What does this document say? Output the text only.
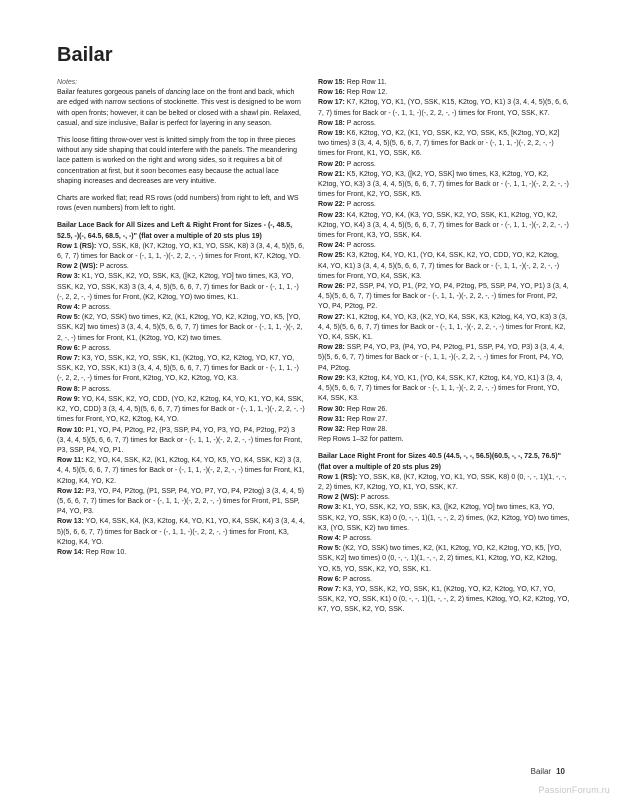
Bailar

Notes:

Bailar features gorgeous panels of dancing lace on the front and back, which are edged with narrow sections of stockinette. This vest is designed to be worn with open fronts; however, it can be belted or closed with a shawl pin. Relaxed, casual, and size inclusive, Bailar is perfect for layering in any season.

This loose fitting throw-over vest is knitted simply from the top in three pieces without any side shaping that could interfere with the panels. The meandering lace pattern is worked on the right and wrong sides, so it requires a bit of concentration at first, but it soon becomes easy because the actual lace shaping increases and decreases are very intuitive.

Charts are worked flat; read RS rows (odd numbers) from right to left, and WS rows (even numbers) from left to right.

Bailar Lace Back for All Sizes and Left & Right Front for Sizes - (-, 48.5, 52.5, -)(-, 64.5, 68.5, -, -)" (flat over a multiple of 20 sts plus 19)

Row 1 (RS): YO, SSK, K8, (K7, K2tog, YO, K1, YO, SSK, K8) 3 (3, 4, 4, 5)(5, 6, 6, 7, 7) times for Back or - (-, 1, 1, -)(-, 2, 2, -, -) times for Front, K7, K2tog, YO.

Row 2 (WS): P across.

Row 3: K1, YO, SSK, K2, YO, SSK, K3, ([K2, K2tog, YO] two times, K3, YO, SSK, K2, YO, SSK, K3) 3 (3, 4, 4, 5)(5, 6, 6, 7, 7) times for Back or - (-, 1, 1, -)(-, 2, 2, -, -) times for Front, (K2, K2tog, YO) two times, K1.

Row 4: P across.

Row 5: (K2, YO, SSK) two times, K2, (K1, K2tog, YO, K2, K2tog, YO, K5, [YO, SSK, K2] two times) 3 (3, 4, 4, 5)(5, 6, 6, 7, 7) times for Back or - (-, 1, 1, -)(-, 2, 2, -, -) times for Front, K1, (K2tog, YO, K2) two times.

Row 6: P across.

Row 7: K3, YO, SSK, K2, YO, SSK, K1, (K2tog, YO, K2, K2tog, YO, K7, YO, SSK, K2, YO, SSK, K1) 3 (3, 4, 4, 5)(5, 6, 6, 7, 7) times for Back or - (-, 1, 1, -)(-, 2, 2, -, -) times for Front, K2tog, YO, K2, K2tog, YO, K3.

Row 8: P across.

Row 9: YO, K4, SSK, K2, YO, CDD, (YO, K2, K2tog, K4, YO, K1, YO, K4, SSK, K2, YO, CDD) 3 (3, 4, 4, 5)(5, 6, 6, 7, 7) times for Back or - (-, 1, 1, -)(-, 2, 2, -, -) times for Front, YO, K2, K2tog, K4, YO.

Row 10: P1, YO, P4, P2tog, P2, (P3, SSP, P4, YO, P3, YO, P4, P2tog, P2) 3 (3, 4, 4, 5)(5, 6, 6, 7, 7) times for Back or - (-, 1, 1, -)(-, 2, 2, -, -) times for Front, P3, SSP, P4, YO, P1.

Row 11: K2, YO, K4, SSK, K2, (K1, K2tog, K4, YO, K5, YO, K4, SSK, K2) 3 (3, 4, 4, 5)(5, 6, 6, 7, 7) times for Back or - (-, 1, 1, -)(-, 2, 2, -, -) times for Front, K1, K2tog, K4, YO, K2.

Row 12: P3, YO, P4, P2tog, (P1, SSP, P4, YO, P7, YO, P4, P2tog) 3 (3, 4, 4, 5)(5, 6, 6, 7, 7) times for Back or - (-, 1, 1, -)(-, 2, 2, -, -) times for Front, P1, SSP, P4, YO, P3.

Row 13: YO, K4, SSK, K4, (K3, K2tog, K4, YO, K1, YO, K4, SSK, K4) 3 (3, 4, 4, 5)(5, 6, 6, 7, 7) times for Back or - (-, 1, 1, -)(-, 2, 2, -, -) times for Front, K3, K2tog, K4, YO.

Row 14: Rep Row 10.

Row 15: Rep Row 11.

Row 16: Rep Row 12.

Row 17: K7, K2tog, YO, K1, (YO, SSK, K15, K2tog, YO, K1) 3 (3, 4, 4, 5)(5, 6, 6, 7, 7) times for Back or - (-, 1, 1, -)(-, 2, 2, -, -) times for Front, YO, SSK, K7.

Row 18: P across.

Row 19: K6, K2tog, YO, K2, (K1, YO, SSK, K2, YO, SSK, K5, [K2tog, YO, K2] two times) 3 (3, 4, 4, 5)(5, 6, 6, 7, 7) times for Back or - (-, 1, 1, -)(-, 2, 2, -, -) times for Front, K1, YO, SSK, K6.

Row 20: P across.

Row 21: K5, K2tog, YO, K3, ([K2, YO, SSK] two times, K3, K2tog, YO, K2, K2tog, YO, K3) 3 (3, 4, 4, 5)(5, 6, 6, 7, 7) times for Back or - (-, 1, 1, -)(-, 2, 2, -, -) times for Front, K2, YO, SSK, K5.

Row 22: P across.

Row 23: K4, K2tog, YO, K4, (K3, YO, SSK, K2, YO, SSK, K1, K2tog, YO, K2, K2tog, YO, K4) 3 (3, 4, 4, 5)(5, 6, 6, 7, 7) times for Back or - (-, 1, 1, -)(-, 2, 2, -, -) times for Front, K3, YO, SSK, K4.

Row 24: P across.

Row 25: K3, K2tog, K4, YO, K1, (YO, K4, SSK, K2, YO, CDD, YO, K2, K2tog, K4, YO, K1) 3 (3, 4, 4, 5)(5, 6, 6, 7, 7) times for Back or - (-, 1, 1, -)(-, 2, 2, -, -) times for Front, YO, K4, SSK, K3.

Row 26: P2, SSP, P4, YO, P1, (P2, YO, P4, P2tog, P5, SSP, P4, YO, P1) 3 (3, 4, 4, 5)(5, 6, 6, 7, 7) times for Back or - (-, 1, 1, -)(-, 2, 2, -, -) times for Front, P2, YO, P4, P2tog, P2.

Row 27: K1, K2tog, K4, YO, K3, (K2, YO, K4, SSK, K3, K2tog, K4, YO, K3) 3 (3, 4, 4, 5)(5, 6, 6, 7, 7) times for Back or - (-, 1, 1, -)(-, 2, 2, -, -) times for Front, K2, YO, K4, SSK, K1.

Row 28: SSP, P4, YO, P3, (P4, YO, P4, P2tog, P1, SSP, P4, YO, P3) 3 (3, 4, 4, 5)(5, 6, 6, 7, 7) times for Back or - (-, 1, 1, -)(-, 2, 2, -, -) times for Front, P4, YO, P4, P2tog.

Row 29: K3, K2tog, K4, YO, K1, (YO, K4, SSK, K7, K2tog, K4, YO, K1) 3 (3, 4, 4, 5)(5, 6, 6, 7, 7) times for Back or - (-, 1, 1, -)(-, 2, 2, -, -) times for Front, YO, K4, SSK, K3.

Row 30: Rep Row 26.

Row 31: Rep Row 27.

Row 32: Rep Row 28.

Rep Rows 1–32 for pattern.

Bailar Lace Right Front for Sizes 40.5 (44.5, -, -, 56.5)(60.5, -, -, 72.5, 76.5)" (flat over a multiple of 20 sts plus 29)

Row 1 (RS): YO, SSK, K8, (K7, K2tog, YO, K1, YO, SSK, K8) 0 (0, -, -, 1)(1, -, -, 2, 2) times, K7, K2tog, YO, K1, YO, SSK, K7.

Row 2 (WS): P across.

Row 3: K1, YO, SSK, K2, YO, SSK, K3, ([K2, K2tog, YO] two times, K3, YO, SSK, K2, YO, SSK, K3) 0 (0, -, -, 1)(1, -, -, 2, 2) times, (K2, K2tog, YO) two times, K3, (YO, SSK, K2) two times.

Row 4: P across.

Row 5: (K2, YO, SSK) two times, K2, (K1, K2tog, YO, K2, K2tog, YO, K5, [YO, SSK, K2] two times) 0 (0, -, -, 1)(1, -, -, 2, 2) times, K1, K2tog, YO, K2, K2tog, YO, K5, YO, SSK, K2, YO, SSK, K1.

Row 6: P across.

Row 7: K3, YO, SSK, K2, YO, SSK, K1, (K2tog, YO, K2, K2tog, YO, K7, YO, SSK, K2, YO, SSK, K1) 0 (0, -, -, 1)(1, -, -, 2, 2) times, K2tog, YO, K2, K2tog, YO, K7, YO, SSK, K2, YO, SSK.

Bailar 10
PassionForum.ru
